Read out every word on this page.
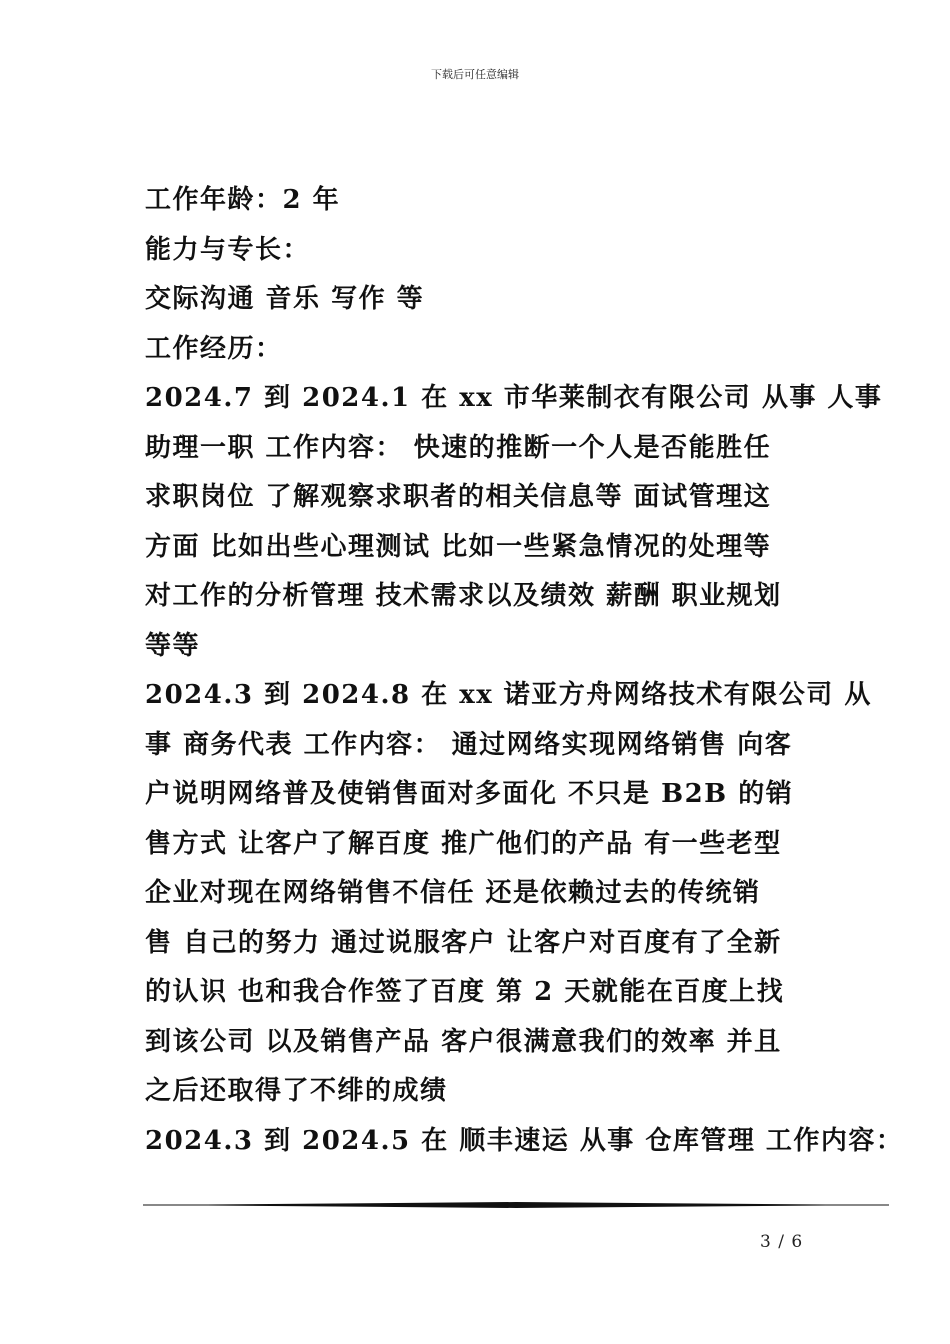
下载后可任意编辑
工作年龄：2 年
能力与专长：
交际沟通 音乐 写作 等
工作经历：
2024.7 到 2024.1 在 xx 市华莱制衣有限公司 从事 人事
助理一职 工作内容： 快速的推断一个人是否能胜任
求职岗位 了解观察求职者的相关信息等 面试管理这
方面 比如出些心理测试 比如一些紧急情况的处理等
对工作的分析管理 技术需求以及绩效 薪酬 职业规划
等等
2024.3 到 2024.8 在 xx 诺亚方舟网络技术有限公司 从
事 商务代表 工作内容： 通过网络实现网络销售 向客
户说明网络普及使销售面对多面化 不只是 B2B 的销
售方式 让客户了解百度 推广他们的产品 有一些老型
企业对现在网络销售不信任 还是依赖过去的传统销
售 自己的努力 通过说服客户 让客户对百度有了全新
的认识 也和我合作签了百度 第 2 天就能在百度上找
到该公司 以及销售产品 客户很满意我们的效率 并且
之后还取得了不绯的成绩
2024.3 到 2024.5 在 顺丰速运 从事 仓库管理 工作内容：
3 / 6
